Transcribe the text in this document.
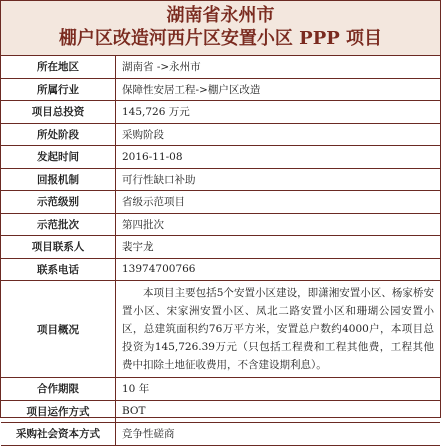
湖南省永州市
棚户区改造河西片区安置小区 PPP 项目
所在地区	湖南省 ->永州市
所属行业	保障性安居工程->棚户区改造
项目总投资	145,726 万元
所处阶段	采购阶段
发起时间	2016-11-08
回报机制	可行性缺口补助
示范级别	省级示范项目
示范批次	第四批次
项目联系人	裴宇龙
联系电话	13974700766
项目概况	本项目主要包括5个安置小区建设，即潇湘安置小区、杨家桥安置小区、宋家洲安置小区、凤北二路安置小区和珊瑚公园安置小区，总建筑面积约76万平方米，安置总户数约4000户，本项目总投资为145,726.39万元（只包括工程费和工程其他费，工程其他费中扣除土地征收费用，不含建设期利息）。
合作期限	10 年
项目运作方式	BOT
采购社会资本方式	竞争性磋商
